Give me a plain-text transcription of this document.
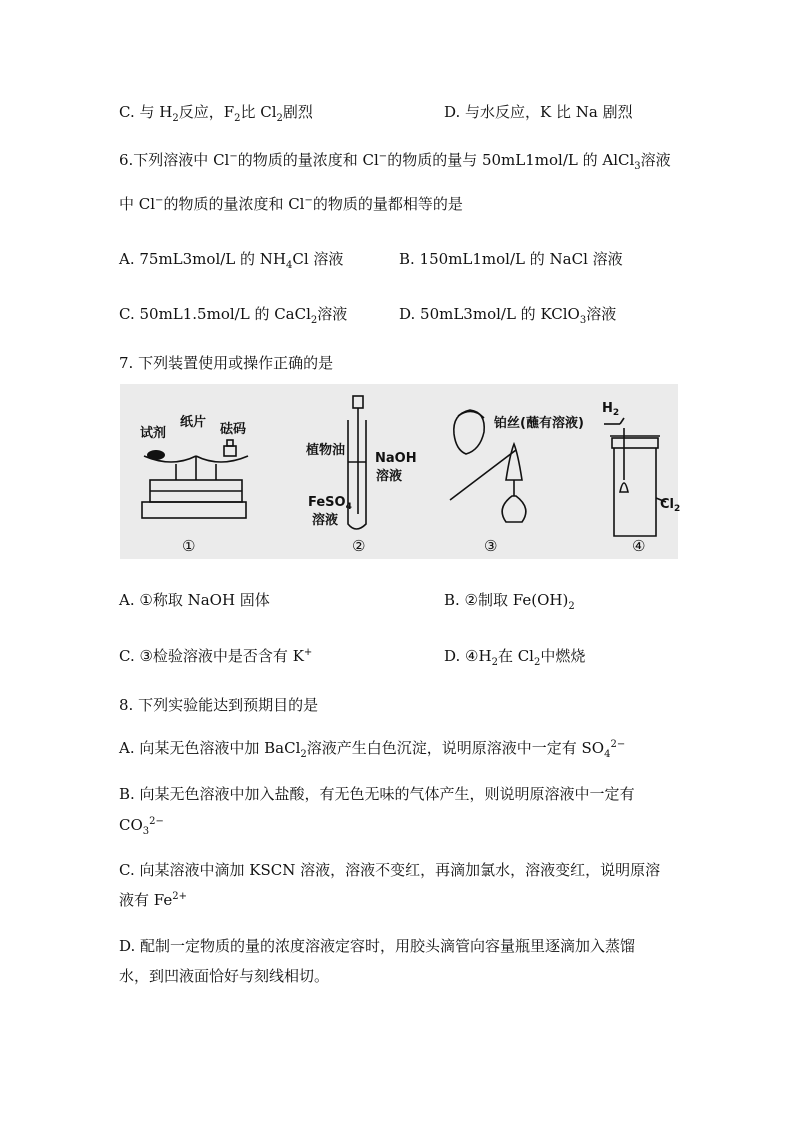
C. 与 $H_2$反应，$F_2$比 $Cl_2$剧烈	D. 与水反应，K 比 Na 剧烈
6.下列溶液中 Cl−的物质的量浓度和 Cl−的物质的量与 50mL1mol/L 的 AlCl$_3$溶液
中 Cl−的物质的量浓度和 Cl−的物质的量都相等的是
A. 75mL3mol/L 的 $NH_4Cl$ 溶液	B. 150mL1mol/L 的 NaCl 溶液
C. 50mL1.5mol/L 的 CaCl$_2$溶液	D. 50mL3mol/L 的 KClO$_3$溶液
7. 下列装置使用或操作正确的是
试剂
纸片 砝码
①
植物油
NaOH
溶液
FeSO$_4$
溶液
②
铂丝(蘸有溶液)
③
$H_2$
$Cl_2$
④
A. ①称取 NaOH 固体	B. ②制取 $Fe(OH)_2$
C. ③检验溶液中是否含有 K+	D. $④H_2$在 $Cl_2$中燃烧
8. 下列实验能达到预期目的是
A. 向某无色溶液中加 BaCl$_2$溶液产生白色沉淀，说明原溶液中一定有 $SO_4^{2-}$
B. 向某无色溶液中加入盐酸，有无色无味的气体产生，则说明原溶液中一定有
$CO_3^{2-}$
C. 向某溶液中滴加 KSCN 溶液，溶液不变红，再滴加氯水，溶液变红，说明原溶
液有 $Fe^{2+}$
D. 配制一定物质的量的浓度溶液定容时，用胶头滴管向容量瓶里逐滴加入蒸馏
水，到凹液面恰好与刻线相切。
